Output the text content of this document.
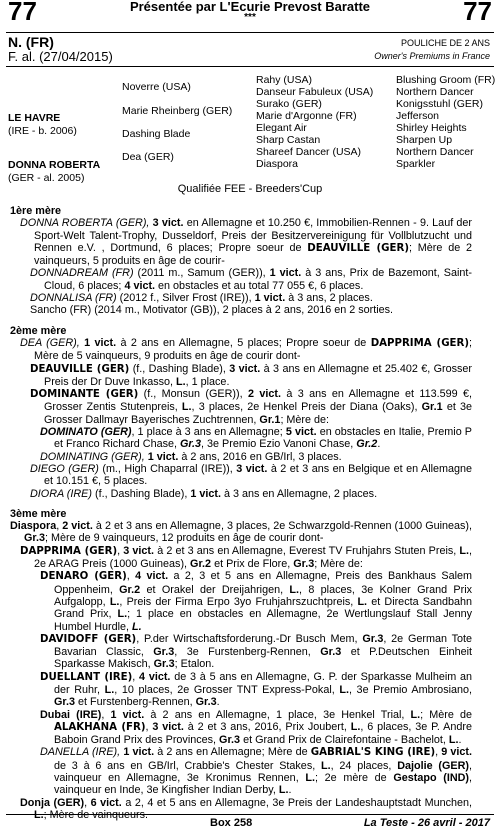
77	Présentée par L'Ecurie Prevost Baratte
***	77
N. (FR)
F. al. (27/04/2015)
POULICHE DE 2 ANS
Owner's Premiums in France
LE HAVRE
(IRE - b. 2006)
DONNA ROBERTA
(GER - al. 2005)
Noverre (USA)
Marie Rheinberg (GER)
Dashing Blade
Dea (GER)
Rahy (USA)
Danseur Fabuleux (USA)
Surako (GER)
Marie d'Argonne (FR)
Elegant Air
Sharp Castan
Shareef Dancer (USA)
Diaspora
Blushing Groom (FR)
Northern Dancer
Konigsstuhl (GER)
Jefferson
Shirley Heights
Sharpen Up
Northern Dancer
Sparkler
Qualifiée FEE - Breeders'Cup

1ère mère

DONNA ROBERTA (GER), 3 vict. en Allemagne et 10.250 €, Immobilien-Rennen - 9. Lauf der Sport-Welt Talent-Trophy, Dusseldorf, Preis der Besitzervereinigung für Vollblutzucht und Rennen e.V. , Dortmund, 6 places; Propre soeur de DEAUVILLE (GER); Mère de 2 vainqueurs, 5 produits en âge de courir-

DONNADREAM (FR) (2011 m., Samum (GER)), 1 vict. à 3 ans, Prix de Bazemont, Saint-Cloud, 6 places; 4 vict. en obstacles et au total 77 055 €, 6 places.

DONNALISA (FR) (2012 f., Silver Frost (IRE)), 1 vict. à 3 ans, 2 places.

Sancho (FR) (2014 m., Motivator (GB)), 2 places à 2 ans, 2016 en 2 sorties.

2ème mère

DEA (GER), 1 vict. à 2 ans en Allemagne, 5 places; Propre soeur de DAPPRIMA (GER); Mère de 5 vainqueurs, 9 produits en âge de courir dont-

DEAUVILLE (GER) (f., Dashing Blade), 3 vict. à 3 ans en Allemagne et 25.402 €, Grosser Preis der Dr Duve Inkasso, L., 1 place.

DOMINANTE (GER) (f., Monsun (GER)), 2 vict. à 3 ans en Allemagne et 113.599 €, Grosser Zentis Stutenpreis, L., 3 places, 2e Henkel Preis der Diana (Oaks), Gr.1 et 3e Grosser Dallmayr Bayerisches Zuchtrennen, Gr.1; Mère de:

DOMINATO (GER), 1 place à 3 ans en Allemagne; 5 vict. en obstacles en Italie, Premio P et Franco Richard Chase, Gr.3, 3e Premio Ezio Vanoni Chase, Gr.2.

DOMINATING (GER), 1 vict. à 2 ans, 2016 en GB/Irl, 3 places.

DIEGO (GER) (m., High Chaparral (IRE)), 3 vict. à 2 et 3 ans en Belgique et en Allemagne et 10.151 €, 5 places.

DIORA (IRE) (f., Dashing Blade), 1 vict. à 3 ans en Allemagne, 2 places.

3ème mère

Diaspora, 2 vict. à 2 et 3 ans en Allemagne, 3 places, 2e Schwarzgold-Rennen (1000 Guineas), Gr.3; Mère de 9 vainqueurs, 12 produits en âge de courir dont-

DAPPRIMA (GER), 3 vict. à 2 et 3 ans en Allemagne, Everest TV Fruhjahrs Stuten Preis, L., 2e ARAG Preis (1000 Guineas), Gr.2 et Prix de Flore, Gr.3; Mère de:

DENARO (GER), 4 vict. a 2, 3 et 5 ans en Allemagne, Preis des Bankhaus Salem Oppenheim, Gr.2 et Orakel der Dreijahrigen, L., 8 places, 3e Kolner Grand Prix Aufgalopp, L., Preis der Firma Erpo 3yo Fruhjahrszuchtpreis, L. et Directa Sandbahn Grand Prix, L.; 1 place en obstacles en Allemagne, 2e Wertlungslauf Stall Jenny Humbel Hurdle, L.

DAVIDOFF (GER), P.der Wirtschaftsforderung.-Dr Busch Mem, Gr.3, 2e German Tote Bavarian Classic, Gr.3, 3e Furstenberg-Rennen, Gr.3 et P.Deutschen Einheit Sparkasse Makisch, Gr.3; Etalon.

DUELLANT (IRE), 4 vict. de 3 à 5 ans en Allemagne, G. P. der Sparkasse Mulheim an der Ruhr, L., 10 places, 2e Grosser TNT Express-Pokal, L., 3e Premio Ambrosiano, Gr.3 et Furstenberg-Rennen, Gr.3.

Dubai (IRE), 1 vict. à 2 ans en Allemagne, 1 place, 3e Henkel Trial, L.; Mère de ALAKHANA (FR), 3 vict. à 2 et 3 ans, 2016, Prix Joubert, L., 6 places, 3e P. Andre Baboin Grand Prix des Provinces, Gr.3 et Grand Prix de Clairefontaine - Bachelot, L..

DANELLA (IRE), 1 vict. à 2 ans en Allemagne; Mère de GABRIAL'S KING (IRE), 9 vict. de 3 à 6 ans en GB/Irl, Crabbie's Chester Stakes, L., 24 places, Dajolie (GER), vainqueur en Allemagne, 3e Kronimus Rennen, L.; 2e mère de Gestapo (IND), vainqueur en Inde, 3e Kingfisher Indian Derby, L..

Donja (GER), 6 vict. a 2, 4 et 5 ans en Allemagne, 3e Preis der Landeshauptstadt Munchen, L.; Mère de vainqueurs.

Box 258	La Teste - 26 avril - 2017
